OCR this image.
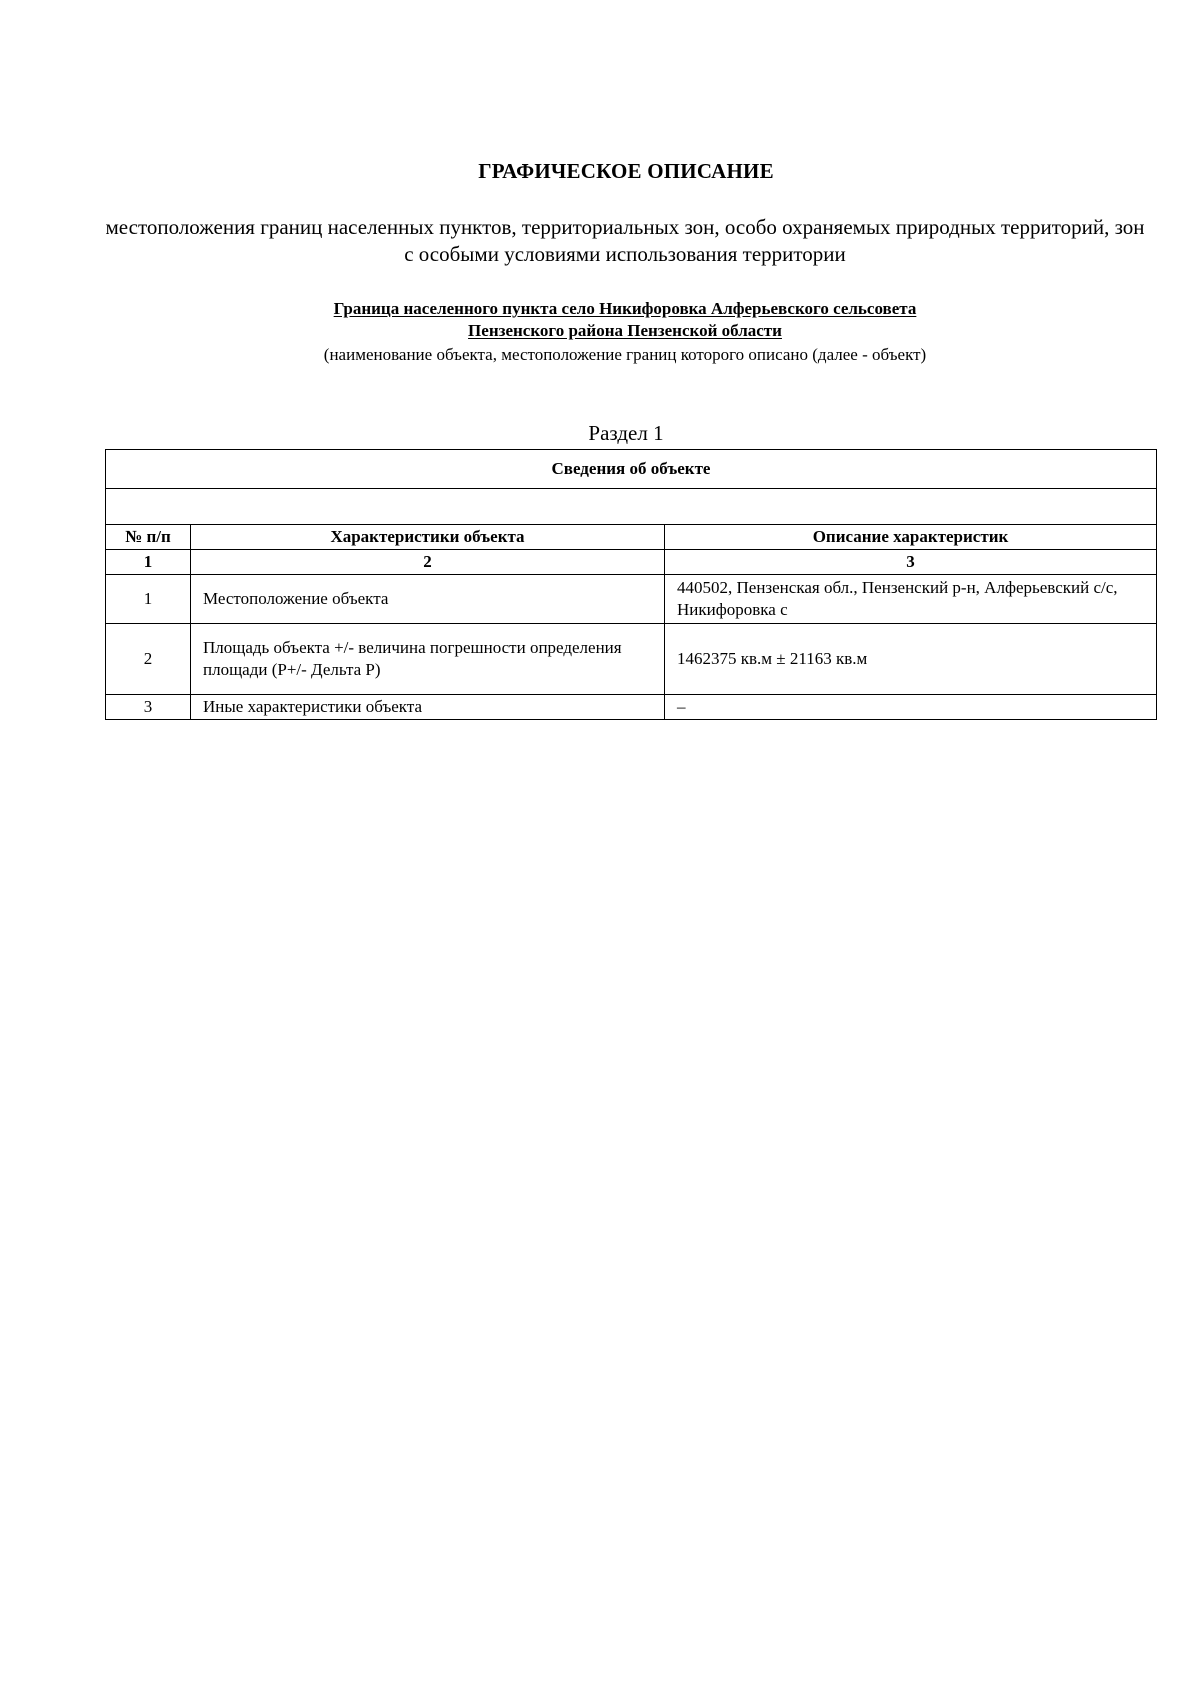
ГРАФИЧЕСКОЕ ОПИСАНИЕ
местоположения границ населенных пунктов, территориальных зон, особо охраняемых природных территорий, зон с особыми условиями использования территории
Граница населенного пункта село Никифоровка Алферьевского сельсовета
Пензенского района Пензенской области
(наименование объекта, местоположение границ которого описано (далее - объект)
Раздел 1
Сведения об объекте		

№ п/п	Характеристики объекта	Описание характеристик
1	2	3
1	Местоположение объекта	440502, Пензенская обл., Пензенский р-н, Алферьевский с/с, Никифоровка с
2	Площадь объекта +/- величина погрешности определения площади (Р+/- Дельта Р)	1462375 кв.м ± 21163 кв.м
3	Иные характеристики объекта	–
